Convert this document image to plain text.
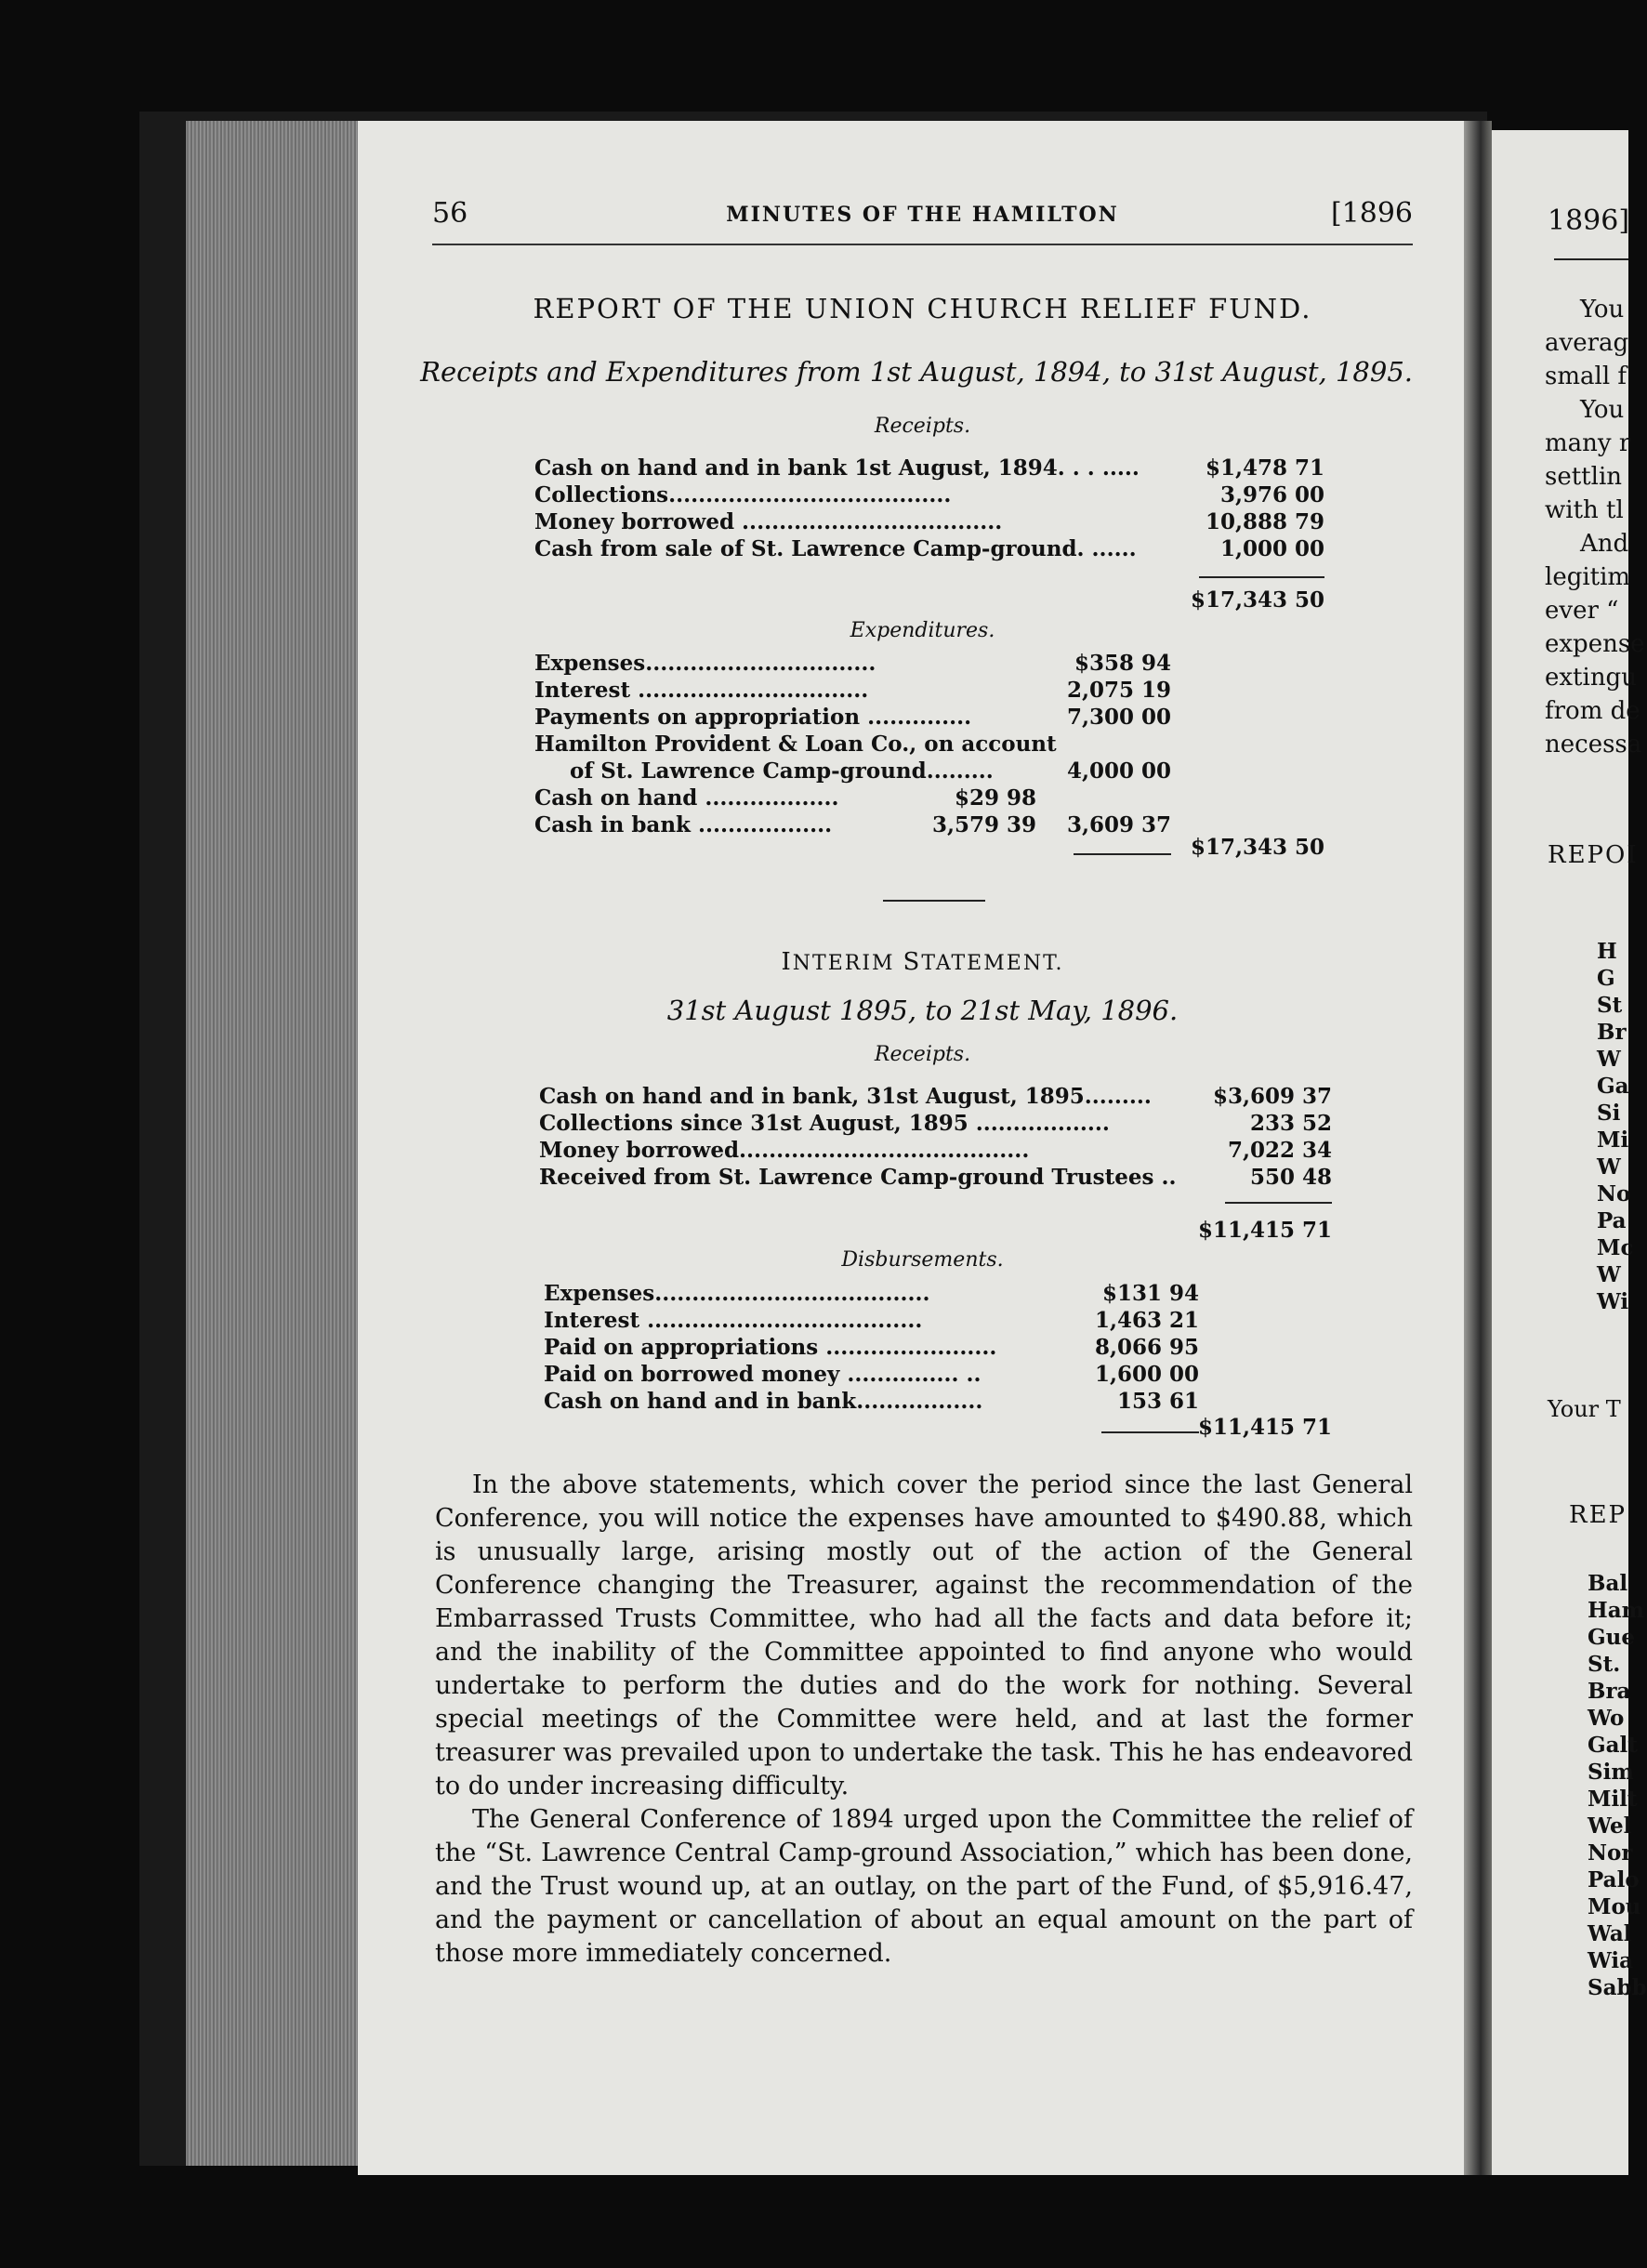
56	MINUTES OF THE HAMILTON	[1896
REPORT OF THE UNION CHURCH RELIEF FUND.
Receipts and Expenditures from 1st August, 1894, to 31st August, 1895.
Receipts.
Cash on hand and in bank 1st August, 1894. . . .....	$1,478 71
Collections......................................	3,976 00
Money borrowed ...................................	10,888 79
Cash from sale of St. Lawrence Camp-ground. ......	1,000 00
$17,343 50
Expenditures.
Expenses...............................	$358 94
Interest ...............................	2,075 19
Payments on appropriation ..............	7,300 00
Hamilton Provident & Loan Co., on account
of St. Lawrence Camp-ground.........	4,000 00
Cash on hand ..................	$29 98
Cash in bank ..................	3,579 39 3,609 37
$17,343 50
INTERIM STATEMENT.
31st August 1895, to 21st May, 1896.
Receipts.
Cash on hand and in bank, 31st August, 1895.........	$3,609 37
Collections since 31st August, 1895 ..................	233 52
Money borrowed.......................................	7,022 34
Received from St. Lawrence Camp-ground Trustees ..	550 48
$11,415 71
Disbursements.
Expenses.....................................	$131 94
Interest .....................................	1,463 21
Paid on appropriations .......................	8,066 95
Paid on borrowed money ............... ..	1,600 00
Cash on hand and in bank.................	153 61
$11,415 71

In the above statements, which cover the period since the last General Conference, you will notice the expenses have amounted to $490.88, which is unusually large, arising mostly out of the action of the General Conference changing the Treasurer, against the recommendation of the Embarrassed Trusts Committee, who had all the facts and data before it; and the inability of the Committee appointed to find anyone who would undertake to perform the duties and do the work for nothing. Several special meetings of the Committee were held, and at last the former treasurer was prevailed upon to undertake the task. This he has endeavored to do under increasing difficulty.

The General Conference of 1894 urged upon the Committee the relief of the “St. Lawrence Central Camp-ground Association,” which has been done, and the Trust wound up, at an outlay, on the part of the Fund, of $5,916.47, and the payment or cancellation of about an equal amount on the part of those more immediately concerned.

1896]
You
averag
small f
You
many r
settlin
with tl
And
legitim
ever “
expense
extingu
from de
necessa
REPOI
H
G
St
Br
W
Ga
Si
Mi
W
No
Pa
Mc
W
Wi
Your T
REP
Bal
Ham
Gue
St.
Bra
Wo
Galt
Sim
Milt
Wel
Nor
Palo
Mou
Wal
Wia
Sabb
